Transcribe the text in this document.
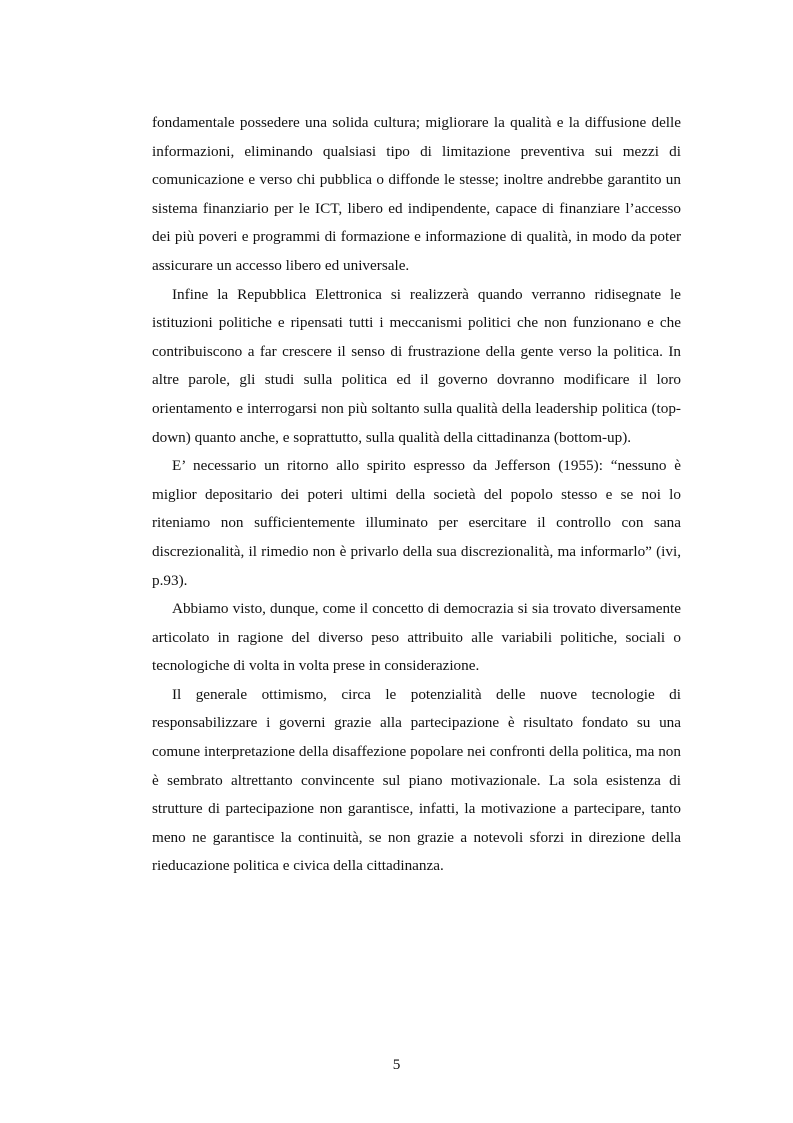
fondamentale possedere una solida cultura; migliorare la qualità e la diffusione delle informazioni, eliminando qualsiasi tipo di limitazione preventiva sui mezzi di comunicazione e verso chi pubblica o diffonde le stesse; inoltre andrebbe garantito un sistema finanziario per le ICT, libero ed indipendente, capace di finanziare l’accesso dei più poveri e programmi di formazione e informazione di qualità, in modo da poter assicurare un accesso libero ed universale.

Infine la Repubblica Elettronica si realizzerà quando verranno ridisegnate le istituzioni politiche e ripensati tutti i meccanismi politici che non funzionano e che contribuiscono a far crescere il senso di frustrazione della gente verso la politica. In altre parole, gli studi sulla politica ed il governo dovranno modificare il loro orientamento e interrogarsi non più soltanto sulla qualità della leadership politica (top-down) quanto anche, e soprattutto, sulla qualità della cittadinanza (bottom-up).

E’ necessario un ritorno allo spirito espresso da Jefferson (1955): “nessuno è miglior depositario dei poteri ultimi della società del popolo stesso e se noi lo riteniamo non sufficientemente illuminato per esercitare il controllo con sana discrezionalità, il rimedio non è privarlo della sua discrezionalità, ma informarlo” (ivi, p.93).

Abbiamo visto, dunque, come il concetto di democrazia si sia trovato diversamente articolato in ragione del diverso peso attribuito alle variabili politiche, sociali o tecnologiche di volta in volta prese in considerazione.

Il generale ottimismo, circa le potenzialità delle nuove tecnologie di responsabilizzare i governi grazie alla partecipazione è risultato fondato su una comune interpretazione della disaffezione popolare nei confronti della politica, ma non è sembrato altrettanto convincente sul piano motivazionale. La sola esistenza di strutture di partecipazione non garantisce, infatti, la motivazione a partecipare, tanto meno ne garantisce la continuità, se non grazie a notevoli sforzi in direzione della rieducazione politica e civica della cittadinanza.

5
